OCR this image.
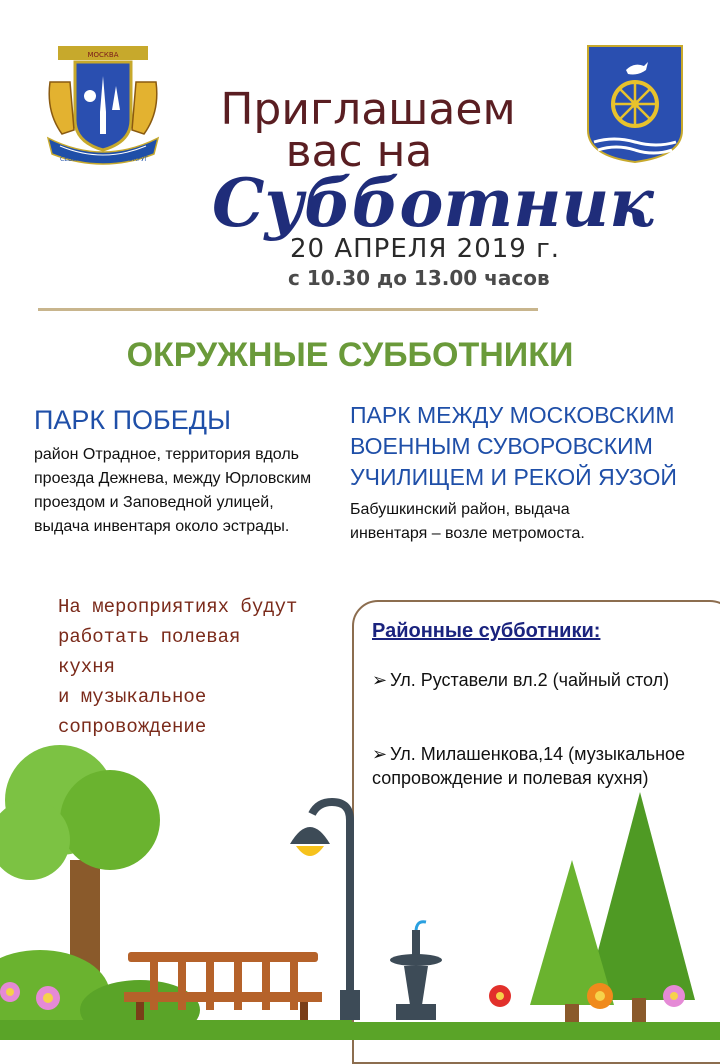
МОСКВА
СЕВЕРО-ВОСТОЧНЫЙ ОКРУГ
Приглашаем
вас на
Субботник
20 АПРЕЛЯ 2019 г.
с 10.30 до 13.00 часов
ОКРУЖНЫЕ СУББОТНИКИ
ПАРК ПОБЕДЫ
район Отрадное, территория вдоль проезда Дежнева, между Юрловским проездом и Заповедной улицей, выдача инвентаря около эстрады.
ПАРК МЕЖДУ МОСКОВСКИМ ВОЕННЫМ СУВОРОВСКИМ УЧИЛИЩЕМ И РЕКОЙ ЯУЗОЙ
Бабушкинский район, выдача инвентаря – возле метромоста.
На мероприятиях будут
работать полевая
кухня
и музыкальное
сопровождение
Районные субботники:
➢ Ул. Руставели вл.2 (чайный стол)
➢ Ул. Милашенкова,14 (музыкальное сопровождение и полевая кухня)
